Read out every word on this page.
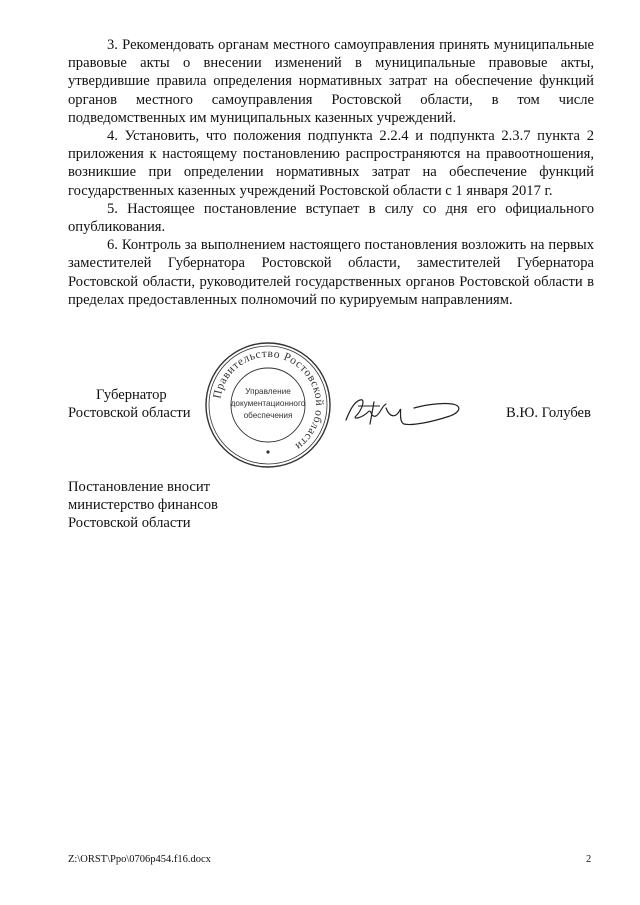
3. Рекомендовать органам местного самоуправления принять муниципальные правовые акты о внесении изменений в муниципальные правовые акты, утвердившие правила определения нормативных затрат на обеспечение функций органов местного самоуправления Ростовской области, в том числе подведомственных им муниципальных казенных учреждений.

4. Установить, что положения подпункта 2.2.4 и подпункта 2.3.7 пункта 2 приложения к настоящему постановлению распространяются на правоотношения, возникшие при определении нормативных затрат на обеспечение функций государственных казенных учреждений Ростовской области с 1 января 2017 г.

5. Настоящее постановление вступает в силу со дня его официального опубликования.

6. Контроль за выполнением настоящего постановления возложить на первых заместителей Губернатора Ростовской области, заместителей Губернатора Ростовской области, руководителей государственных органов Ростовской области в пределах предоставленных полномочий по курируемым направлениям.

Губернатор
Ростовской области
Правительство Ростовской области
Управление
документационного
обеспечения	В.Ю. Голубев
Постановление вносит
министерство финансов
Ростовской области
Z:\ORST\Ppo\0706p454.f16.docx	2
